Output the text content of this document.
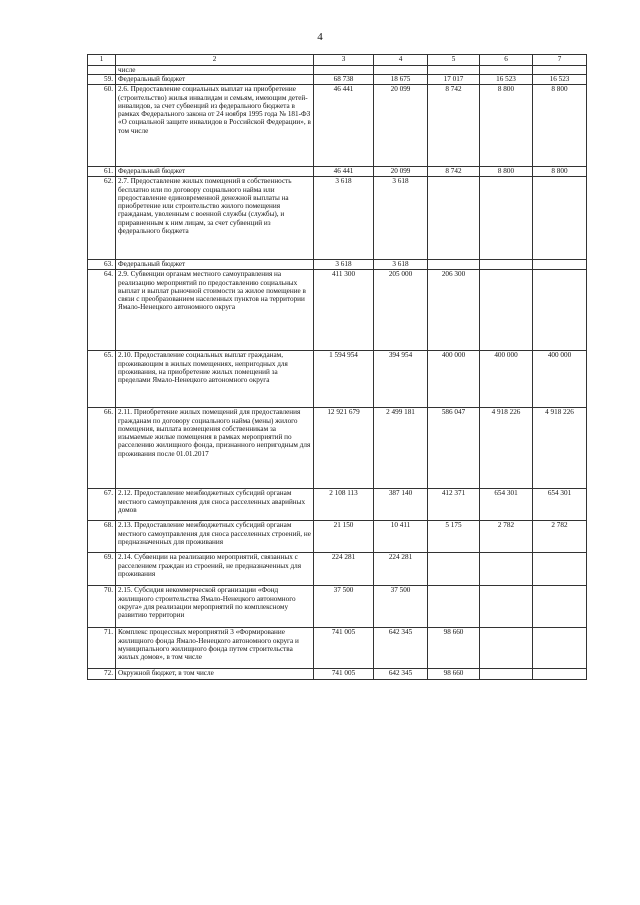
4
1	2	3	4	5	6	7
	числе					
59.	Федеральный бюджет	68 738	18 675	17 017	16 523	16 523
60.	2.6. Предоставление социальных выплат на приобретение (строительство) жилья инвалидам и семьям, имеющим детей-инвалидов, за счет субвенций из федерального бюджета в рамках Федерального закона от 24 ноября 1995 года № 181-ФЗ «О социальной защите инвалидов в Российской Федерации», в том числе	46 441	20 099	8 742	8 800	8 800
61.	Федеральный бюджет	46 441	20 099	8 742	8 800	8 800
62.	2.7. Предоставление жилых помещений в собственность бесплатно или по договору социального найма или предоставление единовременной денежной выплаты на приобретение или строительство жилого помещения гражданам, уволенным с военной службы (службы), и приравненным к ним лицам, за счет субвенций из федерального бюджета	3 618	3 618			
63.	Федеральный бюджет	3 618	3 618			
64.	2.9. Субвенции органам местного самоуправления на реализацию мероприятий по предоставлению социальных выплат и выплат рыночной стоимости за жилое помещение в связи с преобразованием населенных пунктов на территории Ямало-Ненецкого автономного округа	411 300	205 000	206 300		
65.	2.10. Предоставление социальных выплат гражданам, проживающим в жилых помещениях, непригодных для проживания, на приобретение жилых помещений за пределами Ямало-Ненецкого автономного округа	1 594 954	394 954	400 000	400 000	400 000
66.	2.11. Приобретение жилых помещений для предоставления гражданам по договору социального найма (мены) жилого помещения, выплата возмещения собственникам за изымаемые жилые помещения в рамках мероприятий по расселению жилищного фонда, признанного непригодным для проживания после 01.01.2017	12 921 679	2 499 181	586 047	4 918 226	4 918 226
67.	2.12. Предоставление межбюджетных субсидий органам местного самоуправления для сноса расселенных аварийных домов	2 108 113	387 140	412 371	654 301	654 301
68.	2.13. Предоставление межбюджетных субсидий органам местного самоуправления для сноса расселенных строений, не предназначенных для проживания	21 150	10 411	5 175	2 782	2 782
69.	2.14. Субвенции на реализацию мероприятий, связанных с расселением граждан из строений, не предназначенных для проживания	224 281	224 281			
70.	2.15. Субсидия некоммерческой организации «Фонд жилищного строительства Ямало-Ненецкого автономного округа» для реализации мероприятий по комплексному развитию территории	37 500	37 500			
71.	Комплекс процессных мероприятий 3 «Формирование жилищного фонда Ямало-Ненецкого автономного округа и муниципального жилищного фонда путем строительства жилых домов», в том числе	741 005	642 345	98 660		
72.	Окружной бюджет, в том числе	741 005	642 345	98 660		
